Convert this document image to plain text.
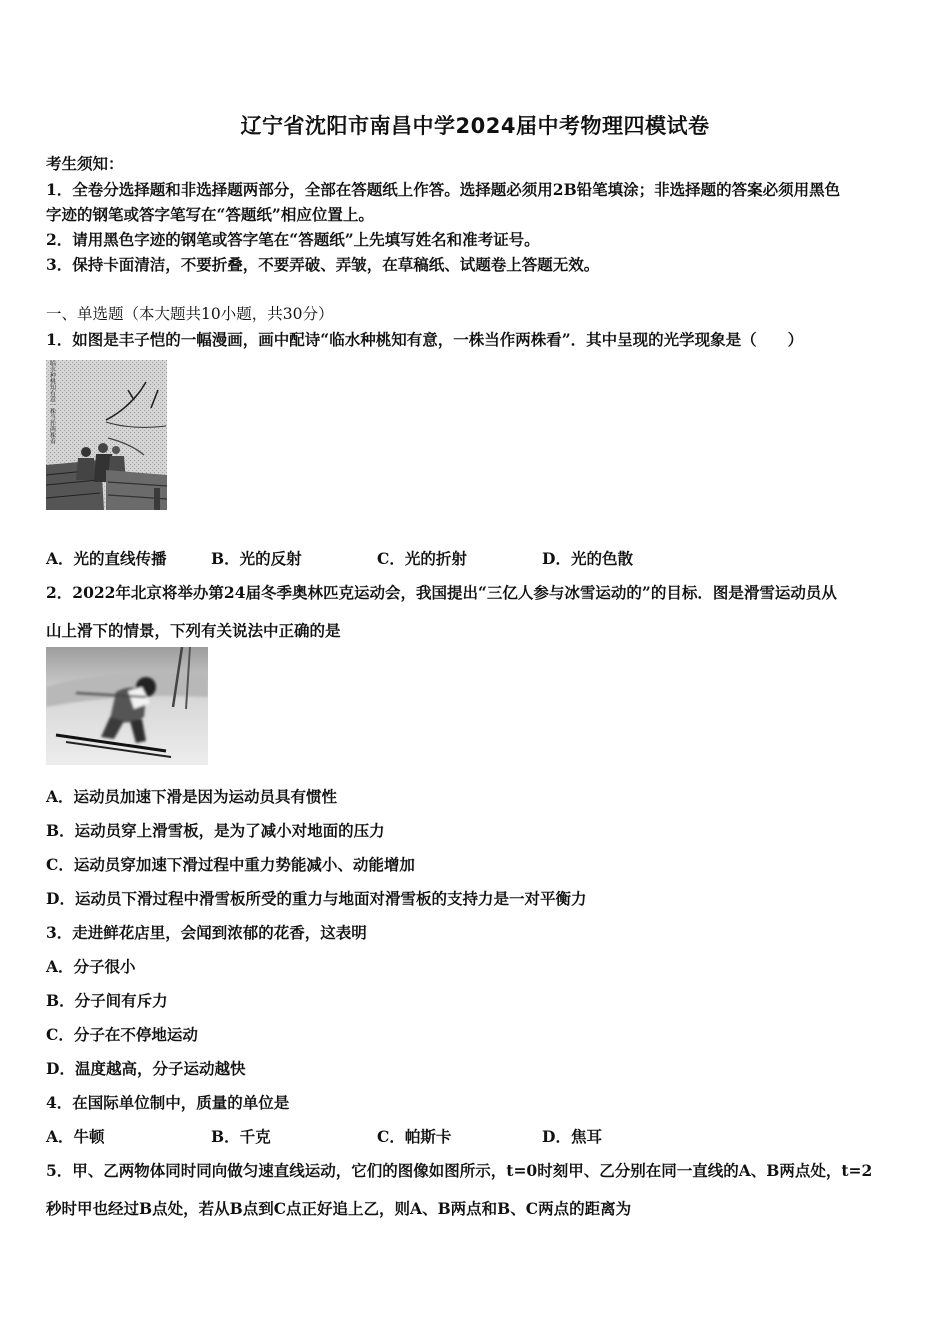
辽宁省沈阳市南昌中学2024届中考物理四模试卷
考生须知：
1．全卷分选择题和非选择题两部分，全部在答题纸上作答。选择题必须用2B铅笔填涂；非选择题的答案必须用黑色
字迹的钢笔或答字笔写在“答题纸”相应位置上。
2．请用黑色字迹的钢笔或答字笔在“答题纸”上先填写姓名和准考证号。
3．保持卡面清洁，不要折叠，不要弄破、弄皱，在草稿纸、试题卷上答题无效。
一、单选题（本大题共10小题，共30分）
1．如图是丰子恺的一幅漫画，画中配诗“临水种桃知有意，一株当作两株看”．其中呈现的光学现象是（　　）
临水种桃知有意一株当作两株看
A．光的直线传播	B．光的反射	C．光的折射	D．光的色散
2．2022年北京将举办第24届冬季奥林匹克运动会，我国提出“三亿人参与冰雪运动的”的目标．图是滑雪运动员从
山上滑下的情景，下列有关说法中正确的是
A．运动员加速下滑是因为运动员具有惯性
B．运动员穿上滑雪板，是为了减小对地面的压力
C．运动员穿加速下滑过程中重力势能减小、动能增加
D．运动员下滑过程中滑雪板所受的重力与地面对滑雪板的支持力是一对平衡力
3．走进鲜花店里，会闻到浓郁的花香，这表明
A．分子很小
B．分子间有斥力
C．分子在不停地运动
D．温度越高，分子运动越快
4．在国际单位制中，质量的单位是
A．牛顿	B．千克	C．帕斯卡	D．焦耳
5．甲、乙两物体同时同向做匀速直线运动，它们的图像如图所示，t=0时刻甲、乙分别在同一直线的A、B两点处，t=2
秒时甲也经过B点处，若从B点到C点正好追上乙，则A、B两点和B、C两点的距离为
